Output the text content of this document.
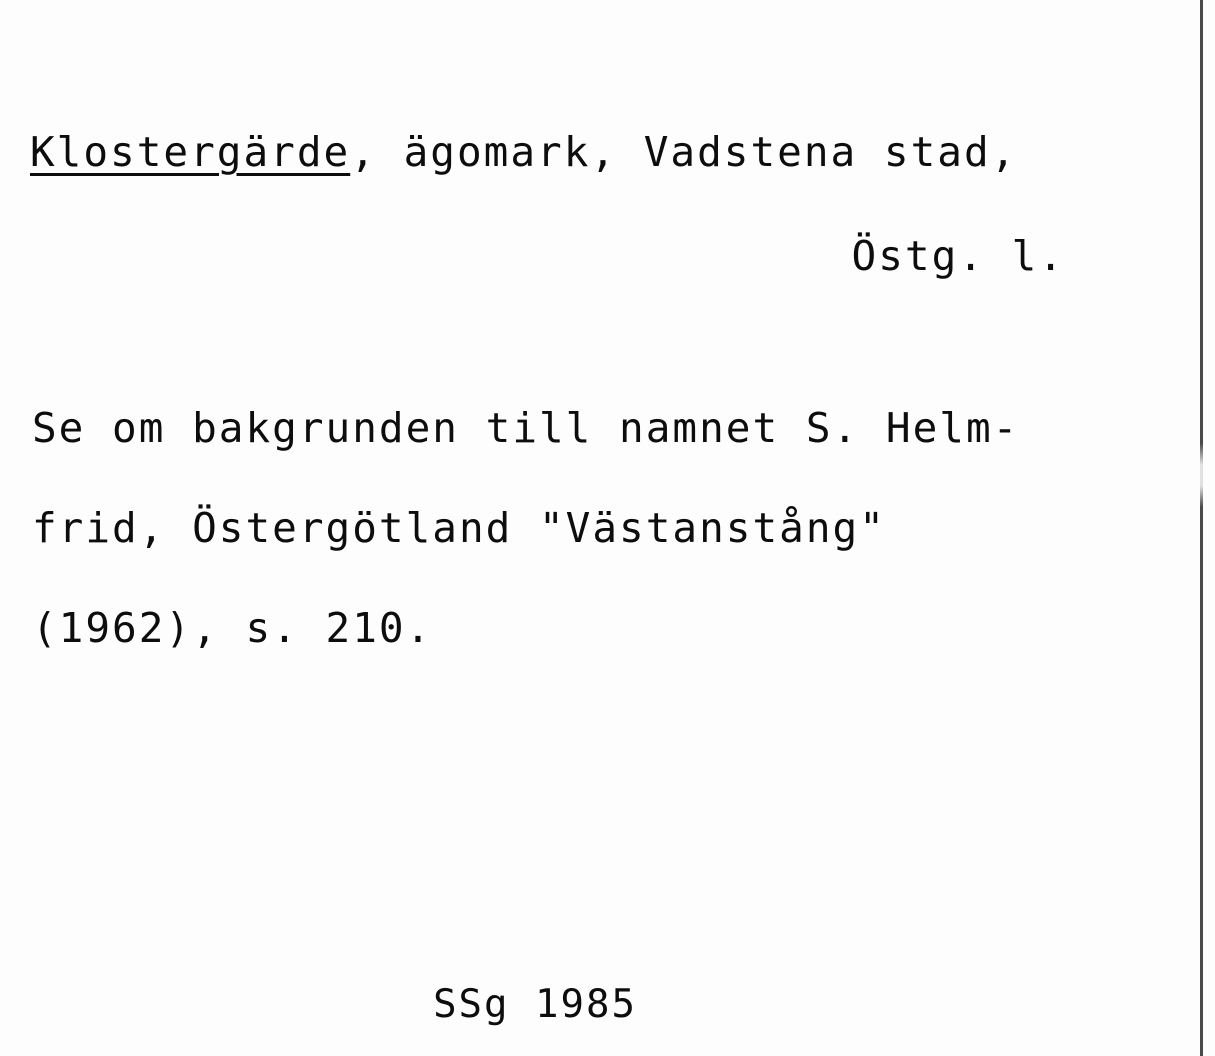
Klostergärde, ägomark, Vadstena stad,
Östg. l.
Se om bakgrunden till namnet S. Helm-
frid, Östergötland "Västanstång"
(1962), s. 210.
SSg 1985
